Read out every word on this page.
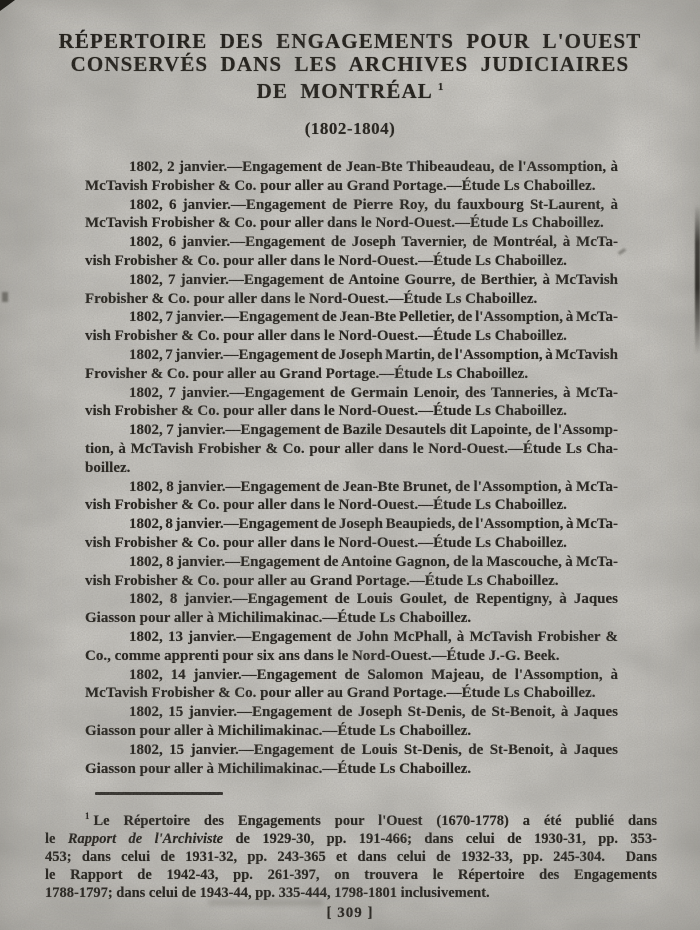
RÉPERTOIRE DES ENGAGEMENTS POUR L'OUEST
CONSERVÉS DANS LES ARCHIVES JUDICIAIRES
DE MONTRÉAL $^1$
(1802-1804)

1802, 2 janvier.—Engagement de Jean-Bte Thibeaudeau, de l'Assomption, à
McTavish Frobisher & Co. pour aller au Grand Portage.—Étude Ls Chaboillez.

1802, 6 janvier.—Engagement de Pierre Roy, du fauxbourg St-Laurent, à
McTavish Frobisher & Co. pour aller dans le Nord-Ouest.—Étude Ls Chaboillez.

1802, 6 janvier.—Engagement de Joseph Tavernier, de Montréal, à McTa-
vish Frobisher & Co. pour aller dans le Nord-Ouest.—Étude Ls Chaboillez.

1802, 7 janvier.—Engagement de Antoine Gourre, de Berthier, à McTavish
Frobisher & Co. pour aller dans le Nord-Ouest.—Étude Ls Chaboillez.

1802, 7 janvier.—Engagement de Jean-Bte Pelletier, de l'Assomption, à McTa-
vish Frobisher & Co. pour aller dans le Nord-Ouest.—Étude Ls Chaboillez.

1802, 7 janvier.—Engagement de Joseph Martin, de l'Assomption, à McTavish
Frovisher & Co. pour aller au Grand Portage.—Étude Ls Chaboillez.

1802, 7 janvier.—Engagement de Germain Lenoir, des Tanneries, à McTa-
vish Frobisher & Co. pour aller dans le Nord-Ouest.—Étude Ls Chaboillez.

1802, 7 janvier.—Engagement de Bazile Desautels dit Lapointe, de l'Assomp-
tion, à McTavish Frobisher & Co. pour aller dans le Nord-Ouest.—Étude Ls Cha-
boillez.

1802, 8 janvier.—Engagement de Jean-Bte Brunet, de l'Assomption, à McTa-
vish Frobisher & Co. pour aller dans le Nord-Ouest.—Étude Ls Chaboillez.

1802, 8 janvier.—Engagement de Joseph Beaupieds, de l'Assomption, à McTa-
vish Frobisher & Co. pour aller dans le Nord-Ouest.—Étude Ls Chaboillez.

1802, 8 janvier.—Engagement de Antoine Gagnon, de la Mascouche, à McTa-
vish Frobisher & Co. pour aller au Grand Portage.—Étude Ls Chaboillez.

1802, 8 janvier.—Engagement de Louis Goulet, de Repentigny, à Jaques
Giasson pour aller à Michilimakinac.—Étude Ls Chaboillez.

1802, 13 janvier.—Engagement de John McPhall, à McTavish Frobisher &
Co., comme apprenti pour six ans dans le Nord-Ouest.—Étude J.-G. Beek.

1802, 14 janvier.—Engagement de Salomon Majeau, de l'Assomption, à
McTavish Frobisher & Co. pour aller au Grand Portage.—Étude Ls Chaboillez.

1802, 15 janvier.—Engagement de Joseph St-Denis, de St-Benoit, à Jaques
Giasson pour aller à Michilimakinac.—Étude Ls Chaboillez.

1802, 15 janvier.—Engagement de Louis St-Denis, de St-Benoit, à Jaques
Giasson pour aller à Michilimakinac.—Étude Ls Chaboillez.

$^1$ Le Répertoire des Engagements pour l'Ouest (1670-1778) a été publié dans
le Rapport de l'Archiviste de 1929-30, pp. 191-466; dans celui de 1930-31, pp. 353-
453; dans celui de 1931-32, pp. 243-365 et dans celui de 1932-33, pp. 245-304.  Dans
le Rapport de 1942-43, pp. 261-397, on trouvera le Répertoire des Engagements
1788-1797; dans celui de 1943-44, pp. 335-444, 1798-1801 inclusivement.
[ 309 ]
